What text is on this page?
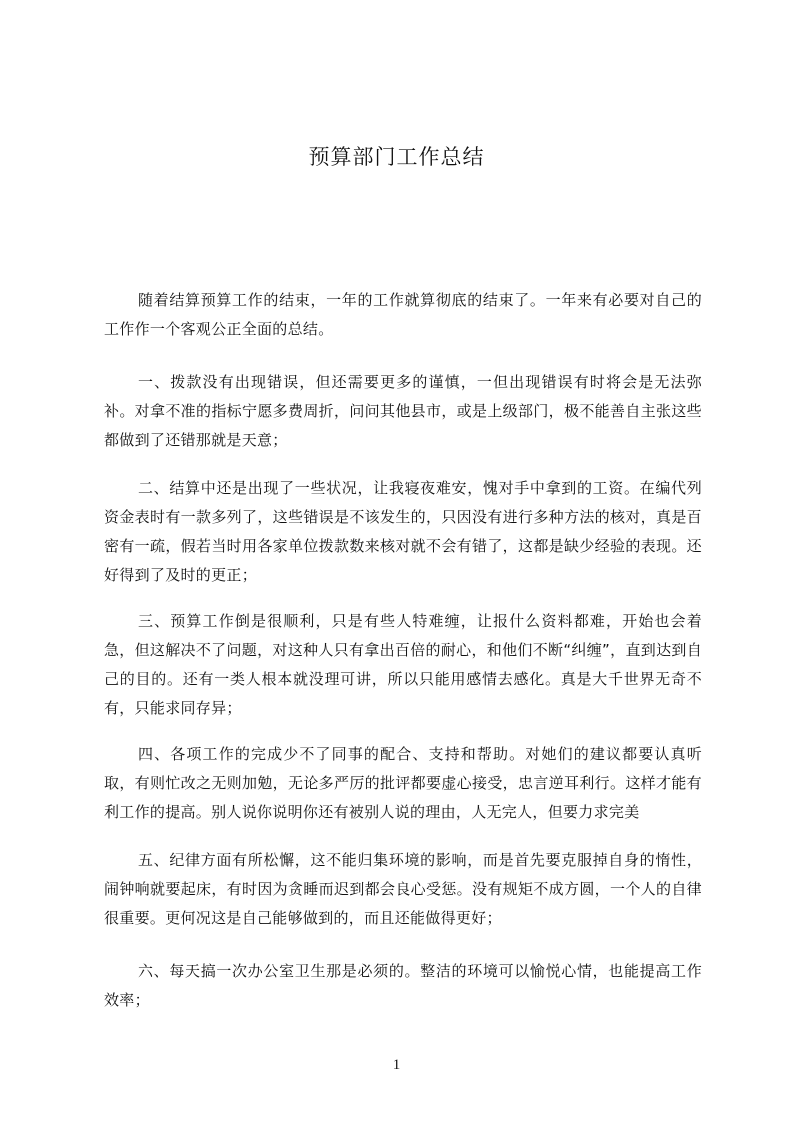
预算部门工作总结

随着结算预算工作的结束，一年的工作就算彻底的结束了。一年来有必要对自己的工作作一个客观公正全面的总结。

一、拨款没有出现错误，但还需要更多的谨慎，一但出现错误有时将会是无法弥补。对拿不准的指标宁愿多费周折，问问其他县市，或是上级部门，极不能善自主张这些都做到了还错那就是天意；

二、结算中还是出现了一些状况，让我寝夜难安，愧对手中拿到的工资。在编代列资金表时有一款多列了，这些错误是不该发生的，只因没有进行多种方法的核对，真是百密有一疏，假若当时用各家单位拨款数来核对就不会有错了，这都是缺少经验的表现。还好得到了及时的更正；

三、预算工作倒是很顺利，只是有些人特难缠，让报什么资料都难，开始也会着急，但这解决不了问题，对这种人只有拿出百倍的耐心，和他们不断“纠缠”，直到达到自己的目的。还有一类人根本就没理可讲，所以只能用感情去感化。真是大千世界无奇不有，只能求同存异；

四、各项工作的完成少不了同事的配合、支持和帮助。对她们的建议都要认真听取，有则忙改之无则加勉，无论多严厉的批评都要虚心接受，忠言逆耳利行。这样才能有利工作的提高。别人说你说明你还有被别人说的理由，人无完人，但要力求完美

五、纪律方面有所松懈，这不能归集环境的影响，而是首先要克服掉自身的惰性，闹钟响就要起床，有时因为贪睡而迟到都会良心受惩。没有规矩不成方圆，一个人的自律很重要。更何况这是自己能够做到的，而且还能做得更好；

六、每天搞一次办公室卫生那是必须的。整洁的环境可以愉悦心情，也能提高工作效率；

1
